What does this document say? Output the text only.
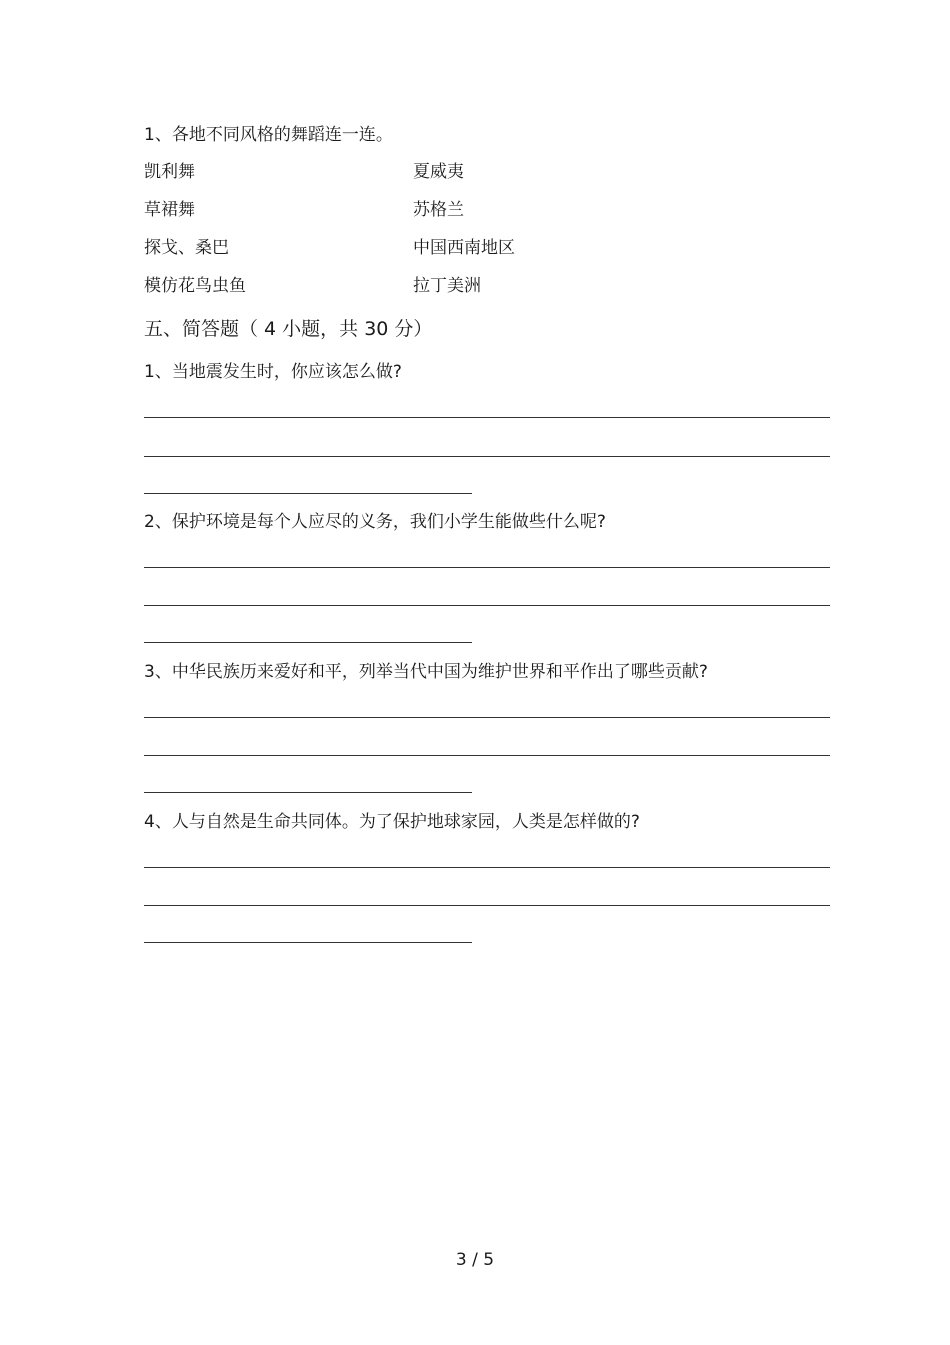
1、各地不同风格的舞蹈连一连。
凯利舞	夏威夷
草裙舞	苏格兰
探戈、桑巴	中国西南地区
模仿花鸟虫鱼	拉丁美洲
五、简答题（ 4 小题，共 30 分）
1、当地震发生时，你应该怎么做?
2、保护环境是每个人应尽的义务，我们小学生能做些什么呢?
3、中华民族历来爱好和平，列举当代中国为维护世界和平作出了哪些贡献?
4、人与自然是生命共同体。为了保护地球家园，人类是怎样做的?
3 / 5
